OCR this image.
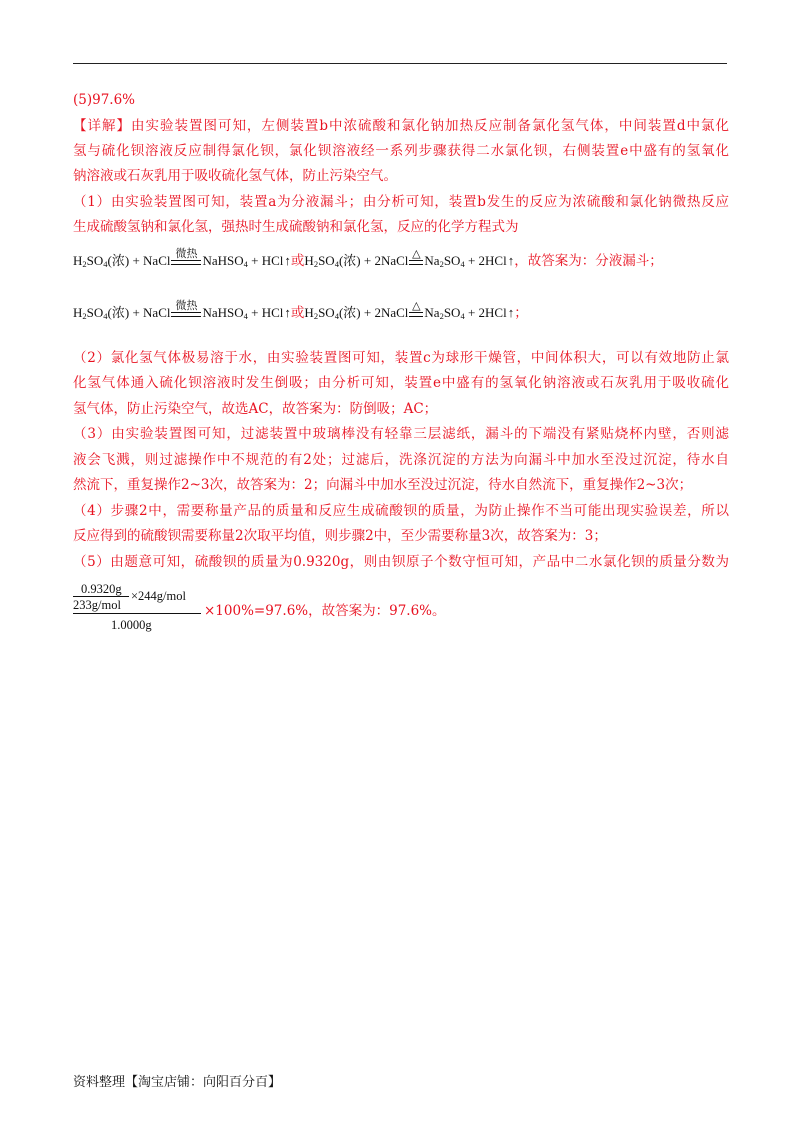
(5)97.6%
【详解】由实验装置图可知，左侧装置b中浓硫酸和氯化钠加热反应制备氯化氢气体，中间装置d中氯化
氢与硫化钡溶液反应制得氯化钡，氯化钡溶液经一系列步骤获得二水氯化钡，右侧装置e中盛有的氢氧化
钠溶液或石灰乳用于吸收硫化氢气体，防止污染空气。
（1）由实验装置图可知，装置a为分液漏斗；由分析可知，装置b发生的反应为浓硫酸和氯化钠微热反应
生成硫酸氢钠和氯化氢，强热时生成硫酸钠和氯化氢，反应的化学方程式为
H 2 SO 4 (浓)
+
NaCl 微热 NaHSO 4
+
HCl ↑ 或 H 2 SO 4 (浓)
+
2 NaCl △ Na 2 SO 4
+
2HCl ↑ ，故答案为：分液漏斗；
H 2 SO 4 (浓)
+
NaCl 微热 NaHSO 4
+
HCl ↑ 或 H 2 SO 4 (浓)
+
2 NaCl △ Na 2 SO 4
+
2HCl ↑ ；
（2）氯化氢气体极易溶于水，由实验装置图可知，装置c为球形干燥管，中间体积大，可以有效地防止氯
化氢气体通入硫化钡溶液时发生倒吸；由分析可知，装置e中盛有的氢氧化钠溶液或石灰乳用于吸收硫化
氢气体，防止污染空气，故选AC，故答案为：防倒吸；AC；
（3）由实验装置图可知，过滤装置中玻璃棒没有轻靠三层滤纸，漏斗的下端没有紧贴烧杯内壁，否则滤
液会飞溅，则过滤操作中不规范的有2处；过滤后，洗涤沉淀的方法为向漏斗中加水至没过沉淀，待水自
然流下，重复操作2~3次，故答案为：2；向漏斗中加水至没过沉淀，待水自然流下，重复操作2~3次；
（4）步骤2中，需要称量产品的质量和反应生成硫酸钡的质量，为防止操作不当可能出现实验误差，所以
反应得到的硫酸钡需要称量2次取平均值，则步骤2中，至少需要称量3次，故答案为：3；
（5）由题意可知，硫酸钡的质量为0.9320g，则由钡原子个数守恒可知，产品中二水氯化钡的质量分数为
0.9320g
233g/mol
×244g/mol
1.0000g
×100%=97.6%，故答案为：97.6%。
资料整理【淘宝店铺：向阳百分百】
